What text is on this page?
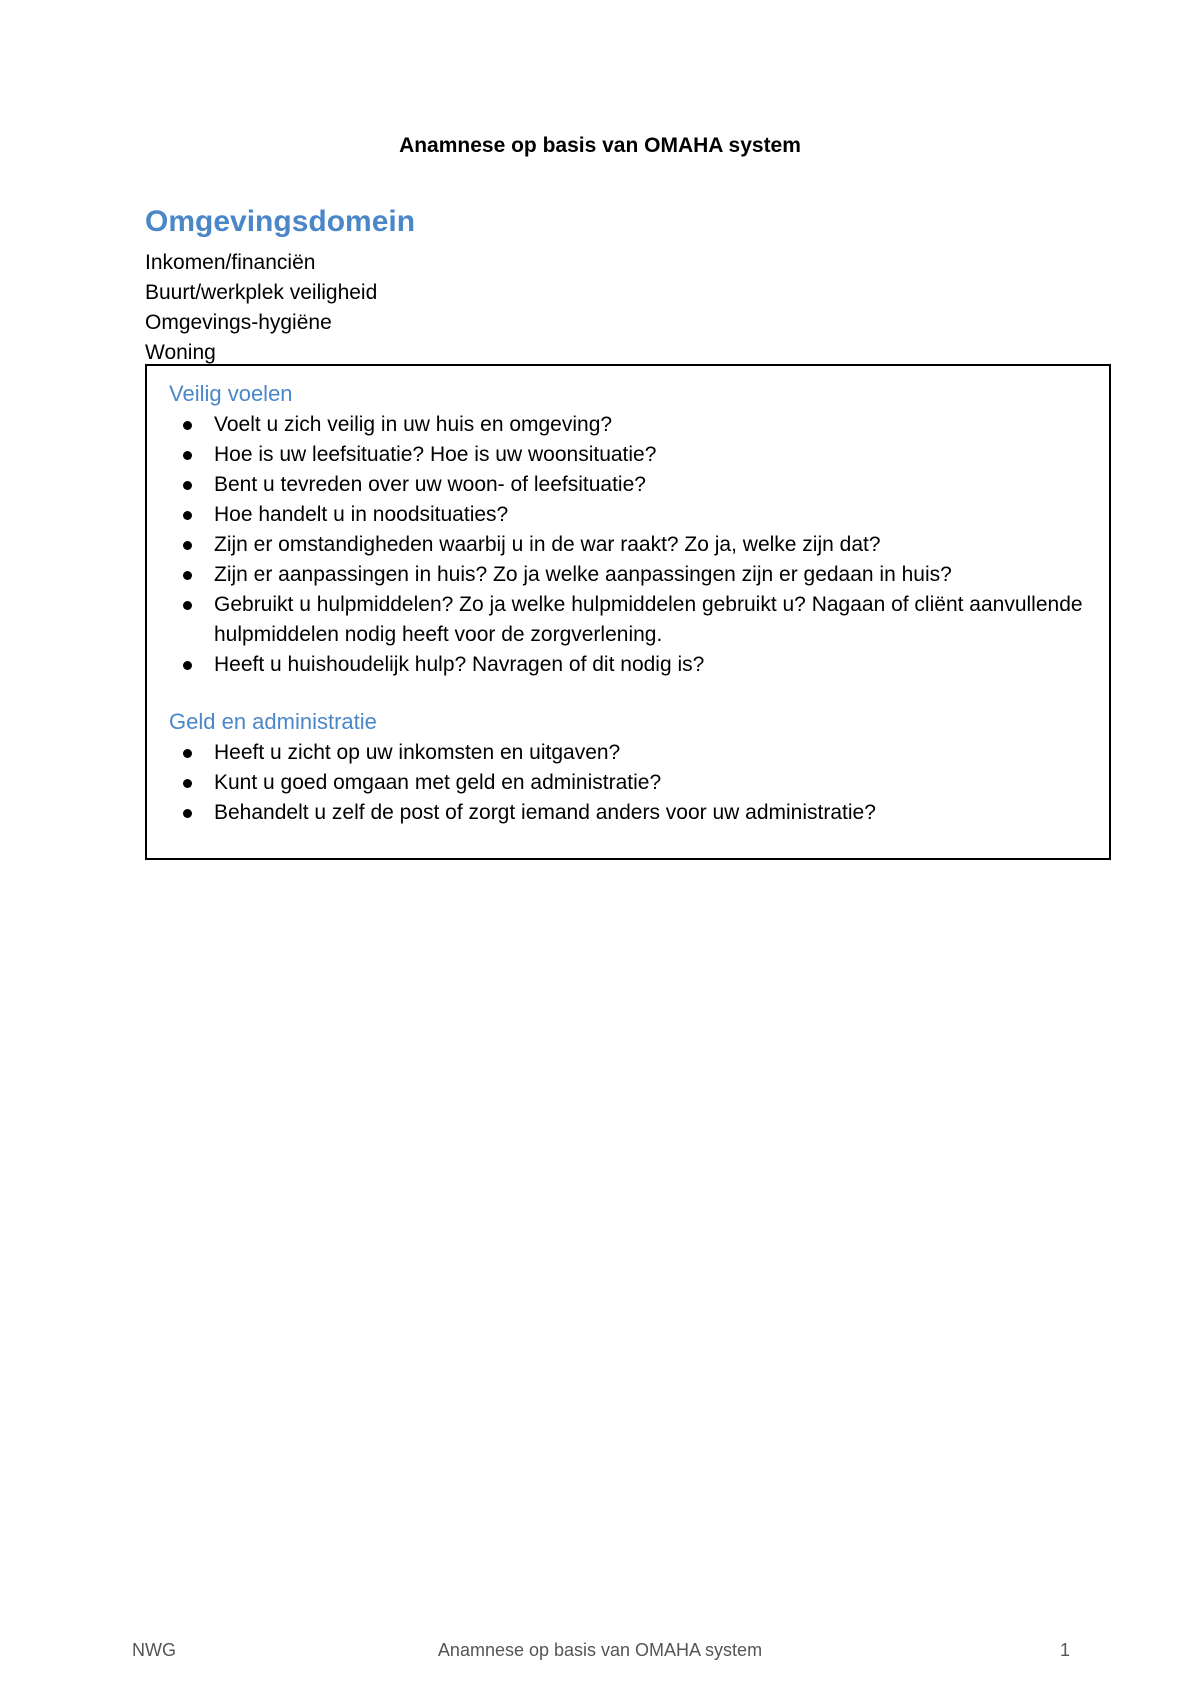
Anamnese op basis van OMAHA system
Omgevingsdomein
Inkomen/financiën
Buurt/werkplek veiligheid
Omgevings-hygiëne
Woning
Veilig voelen
Voelt u zich veilig in uw huis en omgeving?
Hoe is uw leefsituatie? Hoe is uw woonsituatie?
Bent u tevreden over uw woon- of leefsituatie?
Hoe handelt u in noodsituaties?
Zijn er omstandigheden waarbij u in de war raakt? Zo ja, welke zijn dat?
Zijn er aanpassingen in huis? Zo ja welke aanpassingen zijn er gedaan in huis?
Gebruikt u hulpmiddelen? Zo ja welke hulpmiddelen gebruikt u? Nagaan of cliënt aanvullende hulpmiddelen nodig heeft voor de zorgverlening.
Heeft u huishoudelijk hulp? Navragen of dit nodig is?
Geld en administratie
Heeft u zicht op uw inkomsten en uitgaven?
Kunt u goed omgaan met geld en administratie?
Behandelt u zelf de post of zorgt iemand anders voor uw administratie?
Anamnese op basis van OMAHA system
NWG	1
